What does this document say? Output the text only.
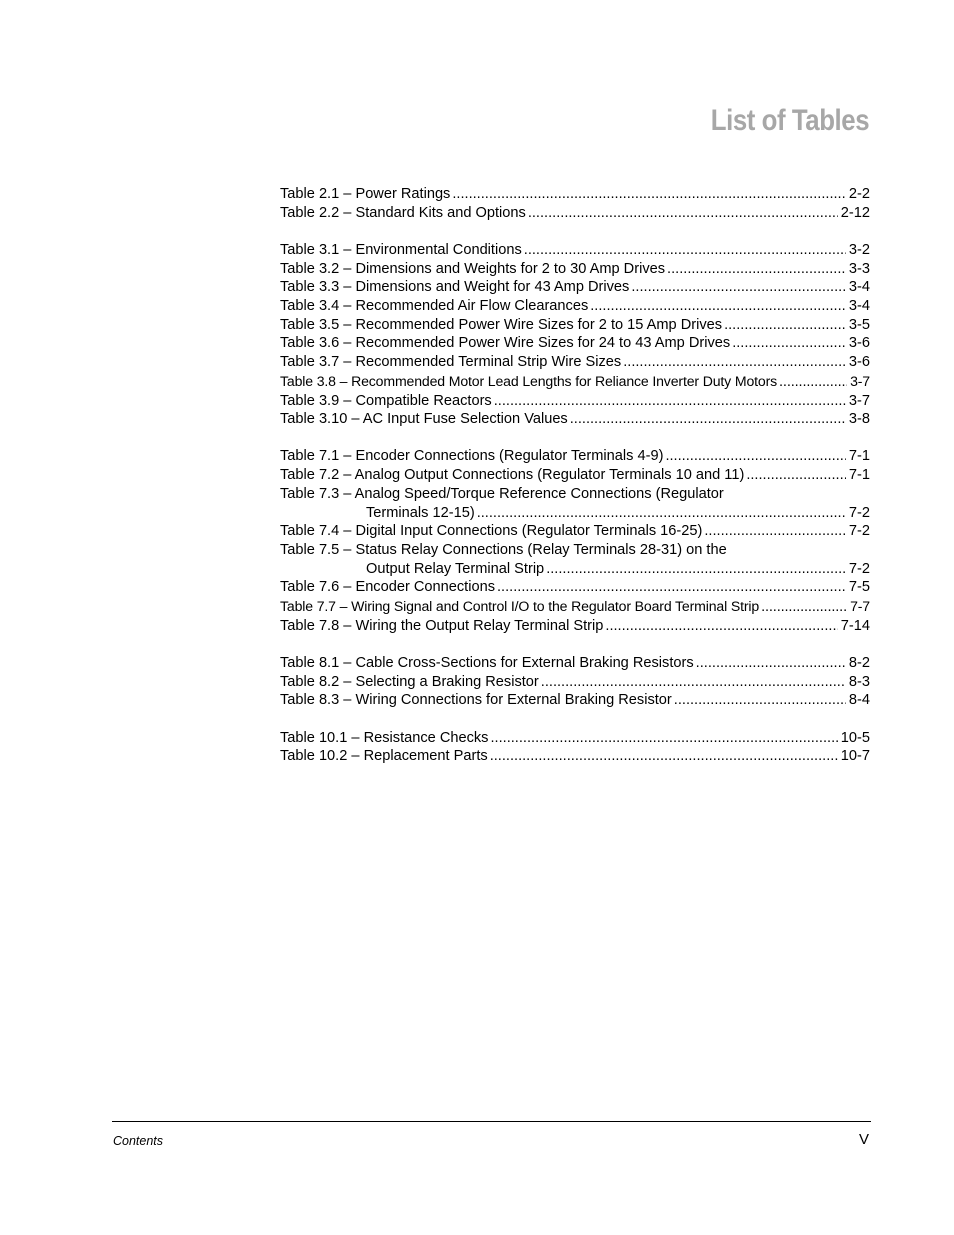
List of Tables
Table 2.1 – Power Ratings .....	2-2
Table 2.2 – Standard Kits and Options .....	2-12
Table 3.1 – Environmental Conditions .....	3-2
Table 3.2 – Dimensions and Weights for 2 to 30 Amp Drives .....	3-3
Table 3.3 – Dimensions and Weight for 43 Amp Drives .....	3-4
Table 3.4 – Recommended Air Flow Clearances .....	3-4
Table 3.5 – Recommended Power Wire Sizes for 2 to 15 Amp Drives .....	3-5
Table 3.6 – Recommended Power Wire Sizes for 24 to 43 Amp Drives .....	3-6
Table 3.7 – Recommended Terminal Strip Wire Sizes .....	3-6
Table 3.8 – Recommended Motor Lead Lengths for Reliance Inverter Duty Motors .....	3-7
Table 3.9 – Compatible Reactors .....	3-7
Table 3.10 – AC Input Fuse Selection Values .....	3-8
Table 7.1 – Encoder Connections (Regulator Terminals 4-9) .....	7-1
Table 7.2 – Analog Output Connections (Regulator Terminals 10 and 11) .....	7-1
Table 7.3 – Analog Speed/Torque Reference Connections (Regulator
Terminals 12-15) .....	7-2
Table 7.4 – Digital Input Connections (Regulator Terminals 16-25) .....	7-2
Table 7.5 – Status Relay Connections (Relay Terminals 28-31) on the
Output Relay Terminal Strip .....	7-2
Table 7.6 – Encoder Connections .....	7-5
Table 7.7 – Wiring Signal and Control I/O to the Regulator Board Terminal Strip .....	7-7
Table 7.8 – Wiring the Output Relay Terminal Strip .....	7-14
Table 8.1 – Cable Cross-Sections for External Braking Resistors .....	8-2
Table 8.2 – Selecting a Braking Resistor .....	8-3
Table 8.3 – Wiring Connections for External Braking Resistor .....	8-4
Table 10.1 – Resistance Checks .....	10-5
Table 10.2 – Replacement Parts .....	10-7
Contents	V
